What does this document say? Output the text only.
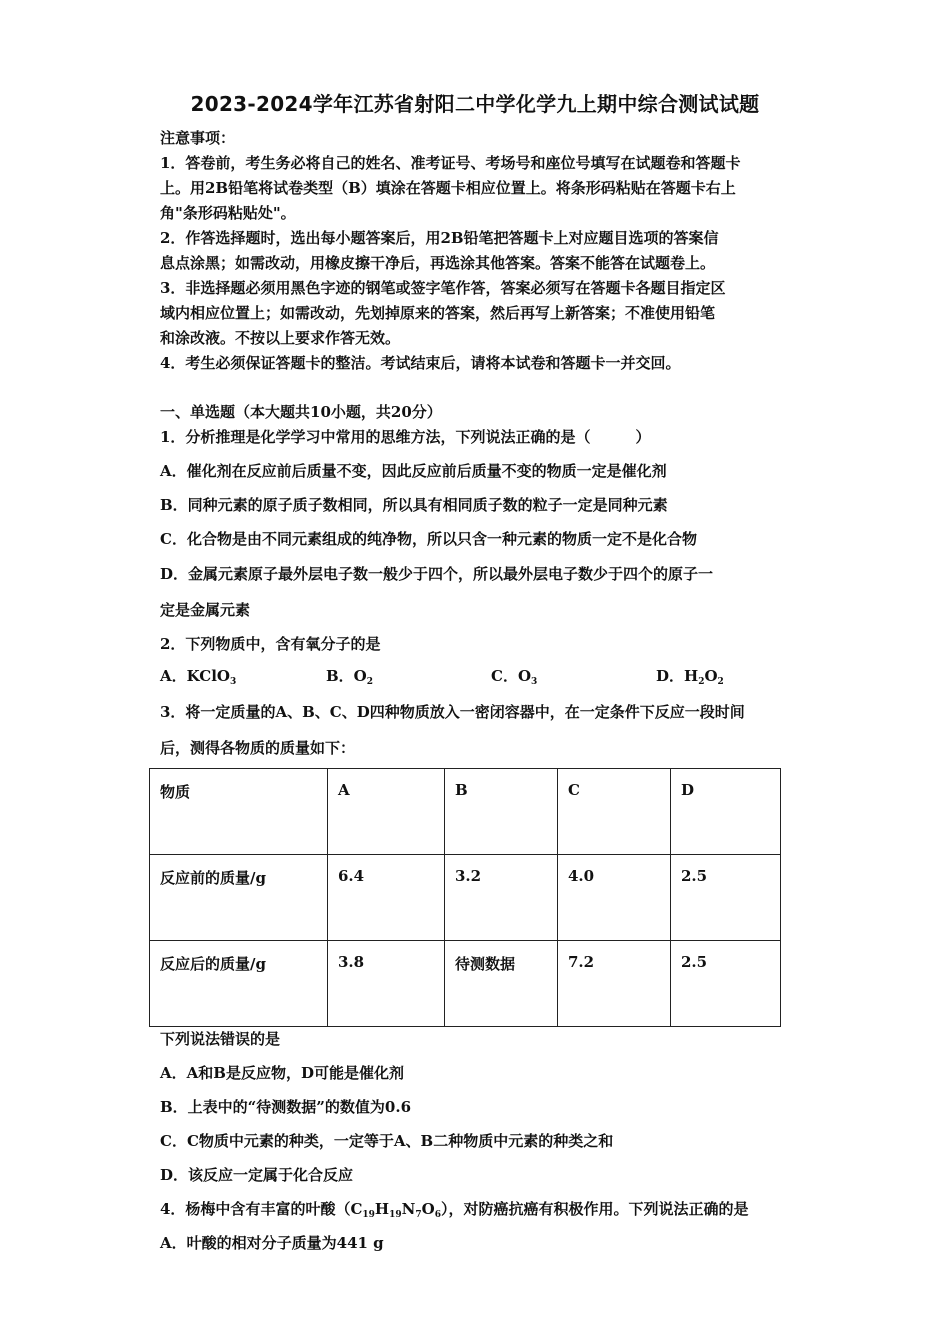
2023-2024学年江苏省射阳二中学化学九上期中综合测试试题
注意事项：
1．答卷前，考生务必将自己的姓名、准考证号、考场号和座位号填写在试题卷和答题卡
上。用2B铅笔将试卷类型（B）填涂在答题卡相应位置上。将条形码粘贴在答题卡右上
角"条形码粘贴处"。
2．作答选择题时，选出每小题答案后，用2B铅笔把答题卡上对应题目选项的答案信
息点涂黑；如需改动，用橡皮擦干净后，再选涂其他答案。答案不能答在试题卷上。
3．非选择题必须用黑色字迹的钢笔或签字笔作答，答案必须写在答题卡各题目指定区
域内相应位置上；如需改动，先划掉原来的答案，然后再写上新答案；不准使用铅笔
和涂改液。不按以上要求作答无效。
4．考生必须保证答题卡的整洁。考试结束后，请将本试卷和答题卡一并交回。
一、单选题（本大题共10小题，共20分）
1．分析推理是化学学习中常用的思维方法，下列说法正确的是（　　　）
A．催化剂在反应前后质量不变，因此反应前后质量不变的物质一定是催化剂
B．同种元素的原子质子数相同，所以具有相同质子数的粒子一定是同种元素
C．化合物是由不同元素组成的纯净物，所以只含一种元素的物质一定不是化合物
D．金属元素原子最外层电子数一般少于四个，所以最外层电子数少于四个的原子一
定是金属元素
2．下列物质中，含有氧分子的是
A．KClO$_3$	B．$O_2$	C．$O_3$	D．$H_2O_2$
3．将一定质量的A、B、C、D四种物质放入一密闭容器中，在一定条件下反应一段时间
后，测得各物质的质量如下：
物质	A	B	C	D
反应前的质量/g	6.4	3.2	4.0	2.5
反应后的质量/g	3.8	待测数据	7.2	2.5
下列说法错误的是
A．A和B是反应物，D可能是催化剂
B．上表中的“待测数据”的数值为0.6
C．C物质中元素的种类，一定等于A、B二种物质中元素的种类之和
D．该反应一定属于化合反应
4．杨梅中含有丰富的叶酸$(C_{19}H_{19}N_7O_6)$，对防癌抗癌有积极作用。下列说法正确的是
A．叶酸的相对分子质量为441 g
